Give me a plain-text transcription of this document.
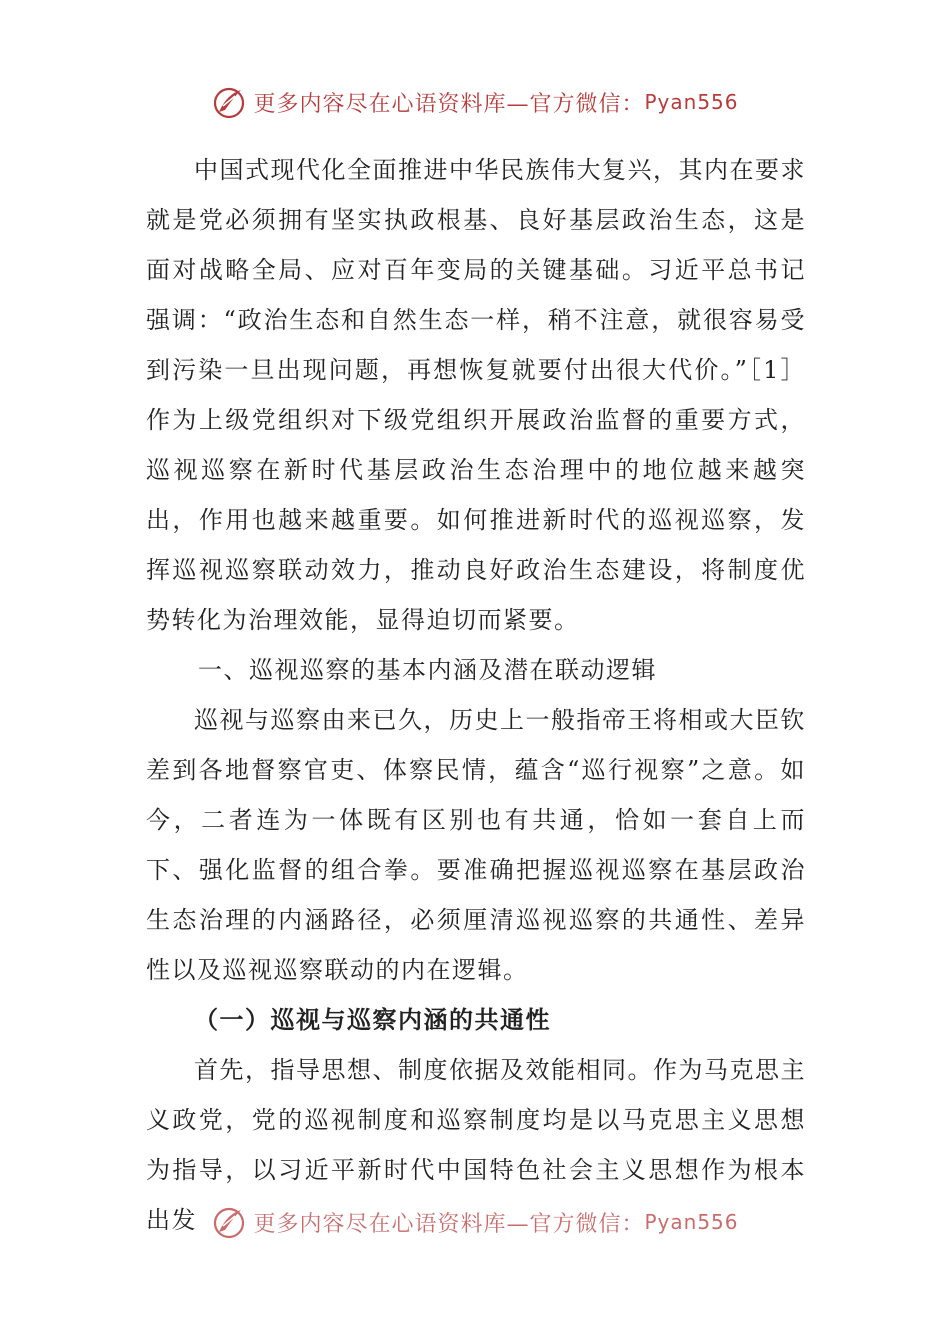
更多内容尽在心语资料库—官方微信： Pyan556

中国式现代化全面推进中华民族伟大复兴，其内在要求就是党必须拥有坚实执政根基、良好基层政治生态，这是面对战略全局、应对百年变局的关键基础。习近平总书记强调：“政治生态和自然生态一样，稍不注意，就很容易受到污染一旦出现问题，再想恢复就要付出很大代价。”［1］作为上级党组织对下级党组织开展政治监督的重要方式，巡视巡察在新时代基层政治生态治理中的地位越来越突出，作用也越来越重要。如何推进新时代的巡视巡察，发挥巡视巡察联动效力，推动良好政治生态建设，将制度优势转化为治理效能，显得迫切而紧要。

一、巡视巡察的基本内涵及潜在联动逻辑

巡视与巡察由来已久，历史上一般指帝王将相或大臣钦差到各地督察官吏、体察民情，蕴含“巡行视察”之意。如今，二者连为一体既有区别也有共通，恰如一套自上而下、强化监督的组合拳。要准确把握巡视巡察在基层政治生态治理的内涵路径，必须厘清巡视巡察的共通性、差异性以及巡视巡察联动的内在逻辑。

（一）巡视与巡察内涵的共通性

首先，指导思想、制度依据及效能相同。作为马克思主义政党，党的巡视制度和巡察制度均是以马克思主义思想为指导，以习近平新时代中国特色社会主义思想作为根本出发	更多内容尽在心语资料库—官方微信： Pyan556
